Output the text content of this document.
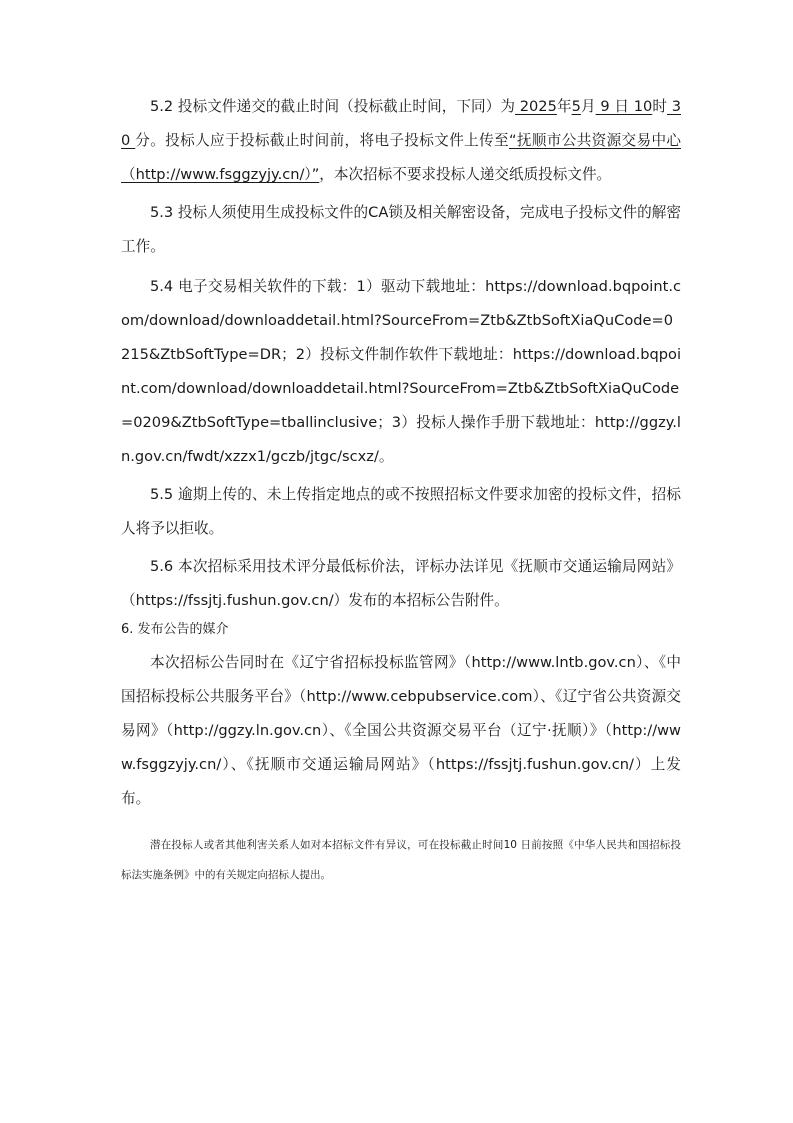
5.2 投标文件递交的截止时间（投标截止时间，下同）为 2025年5月 9 日 10时 30 分。投标人应于投标截止时间前，将电子投标文件上传至“抚顺市公共资源交易中心（http://www.fsggzyjy.cn/）”，本次招标不要求投标人递交纸质投标文件。

5.3 投标人须使用生成投标文件的CA锁及相关解密设备，完成电子投标文件的解密工作。

5.4 电子交易相关软件的下载：1）驱动下载地址：https://download.bqpoint.com/download/downloaddetail.html?SourceFrom=Ztb&ZtbSoftXiaQuCode=0215&ZtbSoftType=DR；2）投标文件制作软件下载地址：https://download.bqpoint.com/download/downloaddetail.html?SourceFrom=Ztb&ZtbSoftXiaQuCode=0209&ZtbSoftType=tballinclusive；3）投标人操作手册下载地址：http://ggzy.ln.gov.cn/fwdt/xzzx1/gczb/jtgc/scxz/。

5.5 逾期上传的、未上传指定地点的或不按照招标文件要求加密的投标文件，招标人将予以拒收。

5.6 本次招标采用技术评分最低标价法，评标办法详见《抚顺市交通运输局网站》（https://fssjtj.fushun.gov.cn/）发布的本招标公告附件。

6. 发布公告的媒介

本次招标公告同时在《辽宁省招标投标监管网》（http://www.lntb.gov.cn）、《中国招标投标公共服务平台》（http://www.cebpubservice.com）、《辽宁省公共资源交易网》（http://ggzy.ln.gov.cn）、《全国公共资源交易平台（辽宁·抚顺）》（http://www.fsggzyjy.cn/）、《抚顺市交通运输局网站》（https://fssjtj.fushun.gov.cn/）上发布。

潜在投标人或者其他利害关系人如对本招标文件有异议，可在投标截止时间10 日前按照《中华人民共和国招标投标法实施条例》中的有关规定向招标人提出。
